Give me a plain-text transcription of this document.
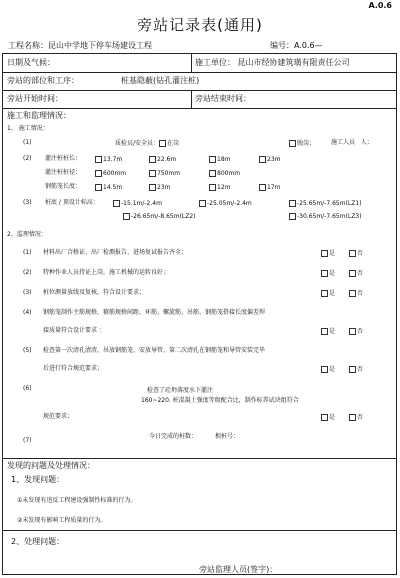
A.0.6
旁站记录表(通用)
工程名称：昆山中学地下停车场建设工程	编号：A.0.6—
日期及气候：	施工单位： 昆山市经协建筑璜有限责任公司
旁站的部位和工序：	桩基隐蔽(钻孔灌注桩)
旁站开始时间：	旁站结束时间：
施工和监理情况：
1、 施工情况：
(1)	质检员/安全员： 在岗	脱岗；	施工人员 人；
(2) 灌注桩桩长：	13.7m	22.6m	18m	23m
灌注桩桩径：	600mm	750mm	800mm
钢筋笼长度：	14.5m	23m	12m	17m
(3) 桩底 / 顶设计标高：	-15.1m/-2.4m	-25.05m/-2.4m	-25.65m/-7.65m(LZ1)
-26.65m/-8.65m(LZ2)	-30.65m/-7.65m(LZ3)
2、监理情况：
(1) 材料出厂合格证、出厂检测报告、进场复试报告齐全；	是	否
(2) 特种作业人员持证上岗，施工机械的运转良好；	是	否
(3) 桩位测量放线及复核，符合设计要求；	是	否
(4) 钢筋笼制作主筋规格，箍筋规格间距、环筋、螺旋筋、吊筋、钢筋笼搭接长度偏差焊
接质量符合设计要求 ：	是	否
(5) 检查第一次清孔清渣，吊放钢筋笼、安放导管、第二次清孔在钢筋笼和导管安装完毕
后进行符合规范要求；	是	否
(6)	检查了砼坍落度水下灌注
160~220. 桩混凝土强度等级配合比，制作标养试块组符合
规范要求；	是	否
(7)
今日完成的桩数：	根桩号：
发现的问题及处理情况：
1、发现问题：
①未发现有违反工程建设强制性标准的行为。
②未发现有影响工程质量的行为。
2、处理问题：
旁站监理人员(签字)：
